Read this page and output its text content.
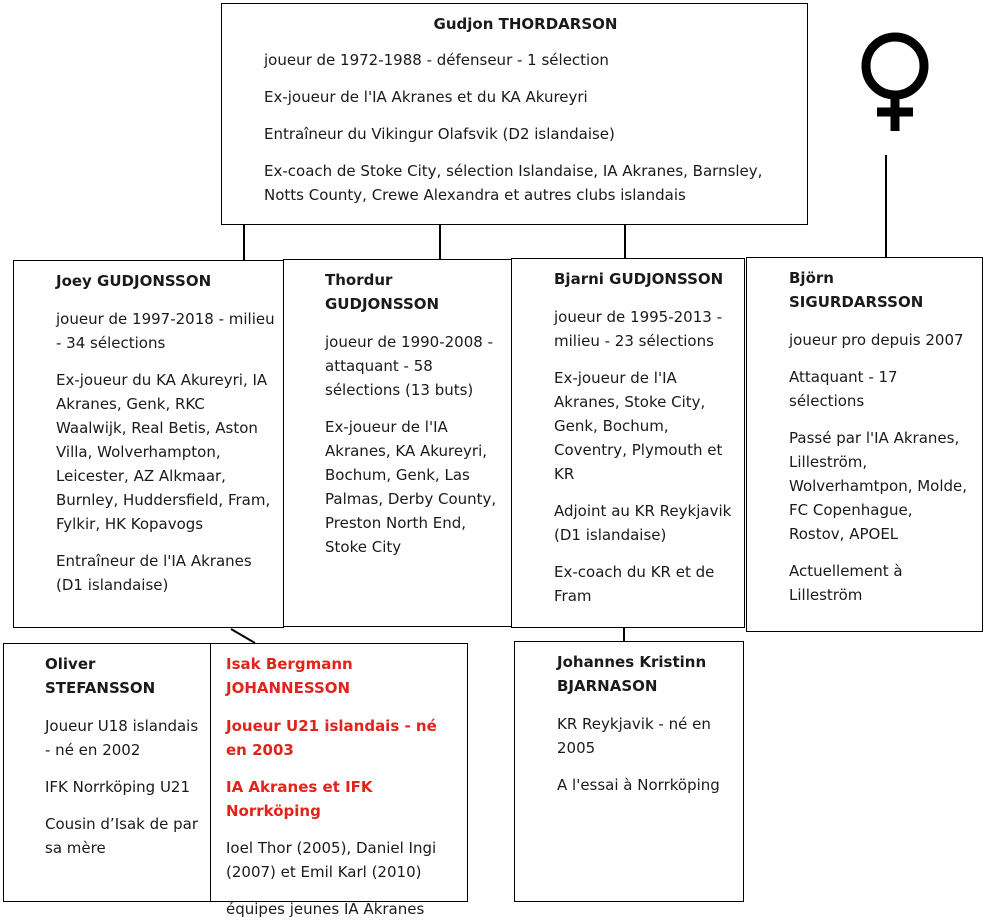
Gudjon THORDARSON

joueur de 1972-1988 - défenseur - 1 sélection

Ex-joueur de l'IA Akranes et du KA Akureyri

Entraîneur du Vikingur Olafsvik (D2 islandaise)

Ex-coach de Stoke City, sélection Islandaise, IA Akranes, Barnsley, Notts County, Crewe Alexandra et autres clubs islandais

Joey GUDJONSSON

joueur de 1997-2018 - milieu - 34 sélections

Ex-joueur du KA Akureyri, IA Akranes, Genk, RKC Waalwijk, Real Betis, Aston Villa, Wolverhampton, Leicester, AZ Alkmaar, Burnley, Huddersfield, Fram, Fylkir, HK Kopavogs

Entraîneur de l'IA Akranes (D1 islandaise)

Thordur GUDJONSSON

joueur de 1990-2008 - attaquant - 58 sélections (13 buts)

Ex-joueur de l'IA Akranes, KA Akureyri, Bochum, Genk, Las Palmas, Derby County, Preston North End, Stoke City

Bjarni GUDJONSSON

joueur de 1995-2013 - milieu - 23 sélections

Ex-joueur de l'IA Akranes, Stoke City, Genk, Bochum, Coventry, Plymouth et KR

Adjoint au KR Reykjavik (D1 islandaise)

Ex-coach du KR et de Fram

Björn SIGURDARSSON

joueur pro depuis 2007

Attaquant - 17 sélections

Passé par l'IA Akranes, Lilleström, Wolverhamtpon, Molde, FC Copenhague, Rostov, APOEL

Actuellement à Lilleström

Oliver STEFANSSON

Joueur U18 islandais - né en 2002

IFK Norrköping U21

Cousin d’Isak de par sa mère

Isak Bergmann JOHANNESSON

Joueur U21 islandais - né en 2003

IA Akranes et IFK Norrköping

Ioel Thor (2005), Daniel Ingi (2007) et Emil Karl (2010)

équipes jeunes IA Akranes

Johannes Kristinn BJARNASON

KR Reykjavik - né en 2005

A l'essai à Norrköping
